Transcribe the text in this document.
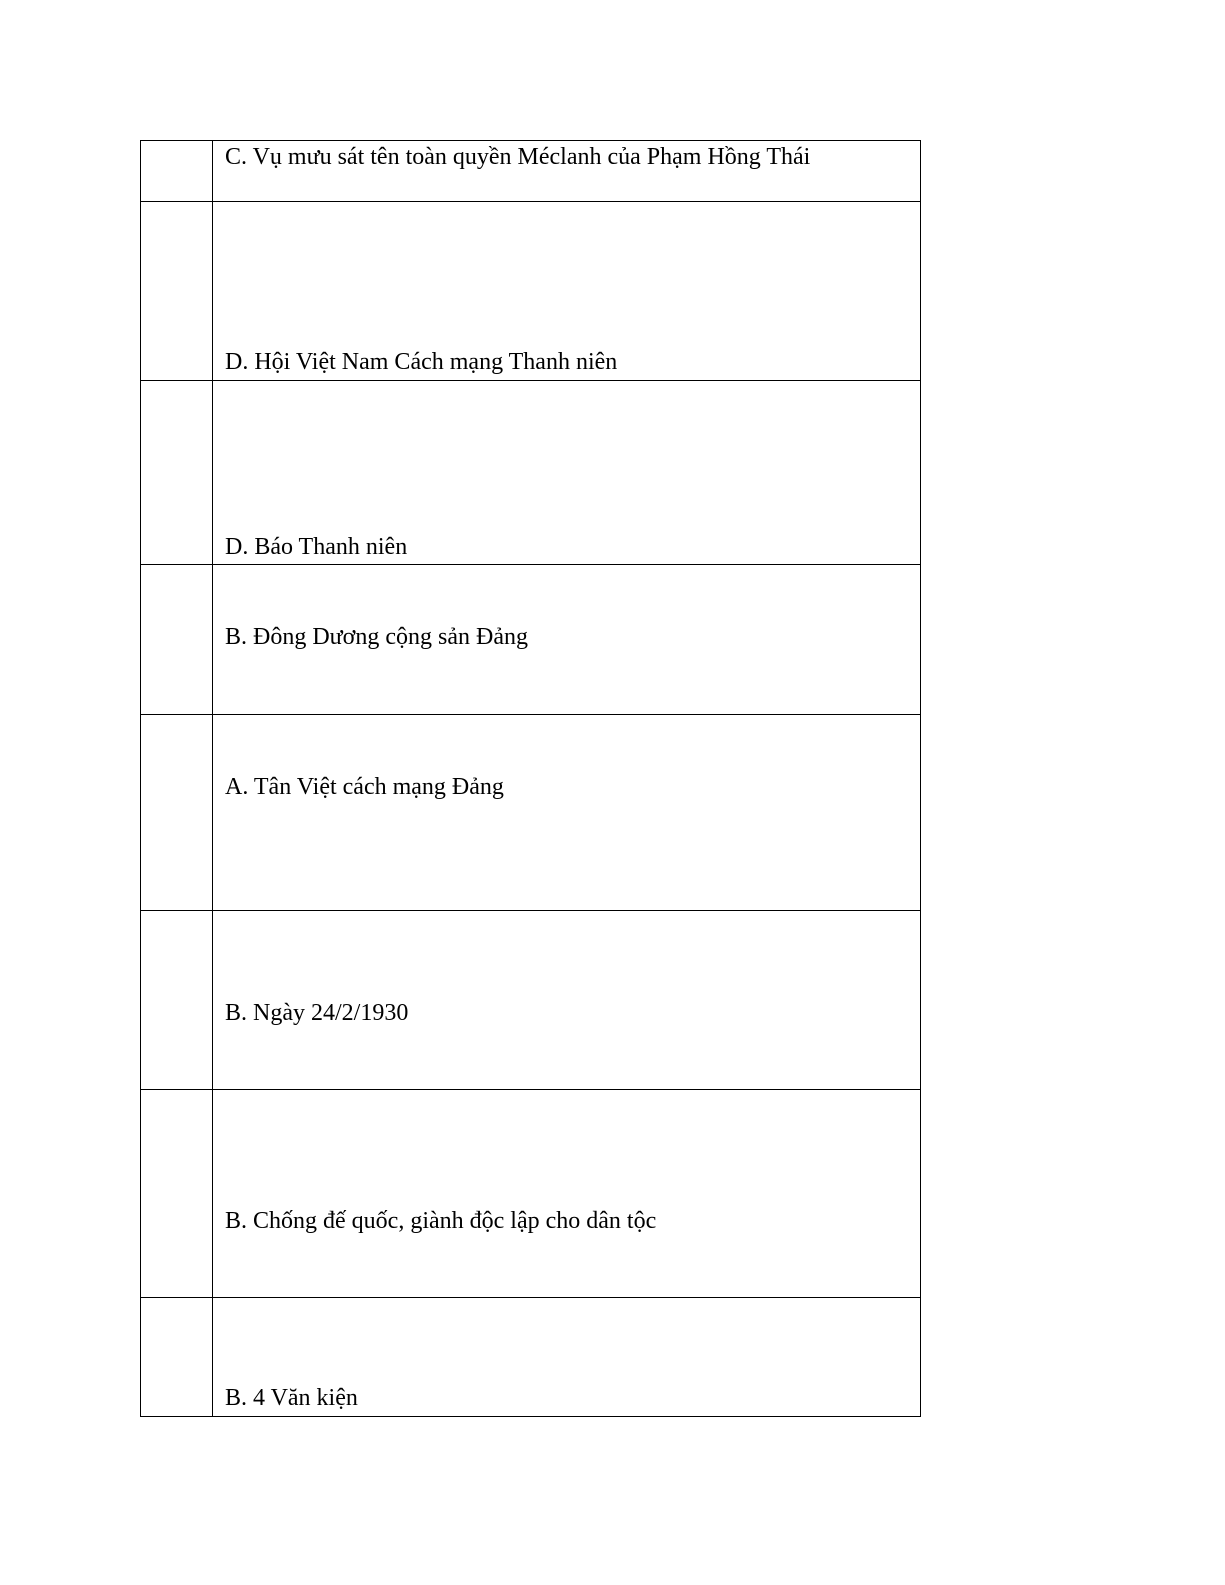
	C. Vụ mưu sát tên toàn quyền Méclanh của Phạm Hồng Thái

	D. Hội Việt Nam Cách mạng Thanh niên

	D. Báo Thanh niên

	B. Đông Dương cộng sản Đảng

	A. Tân Việt cách mạng Đảng

	B. Ngày 24/2/1930

	B. Chống đế quốc, giành độc lập cho dân tộc

	B. 4 Văn kiện
